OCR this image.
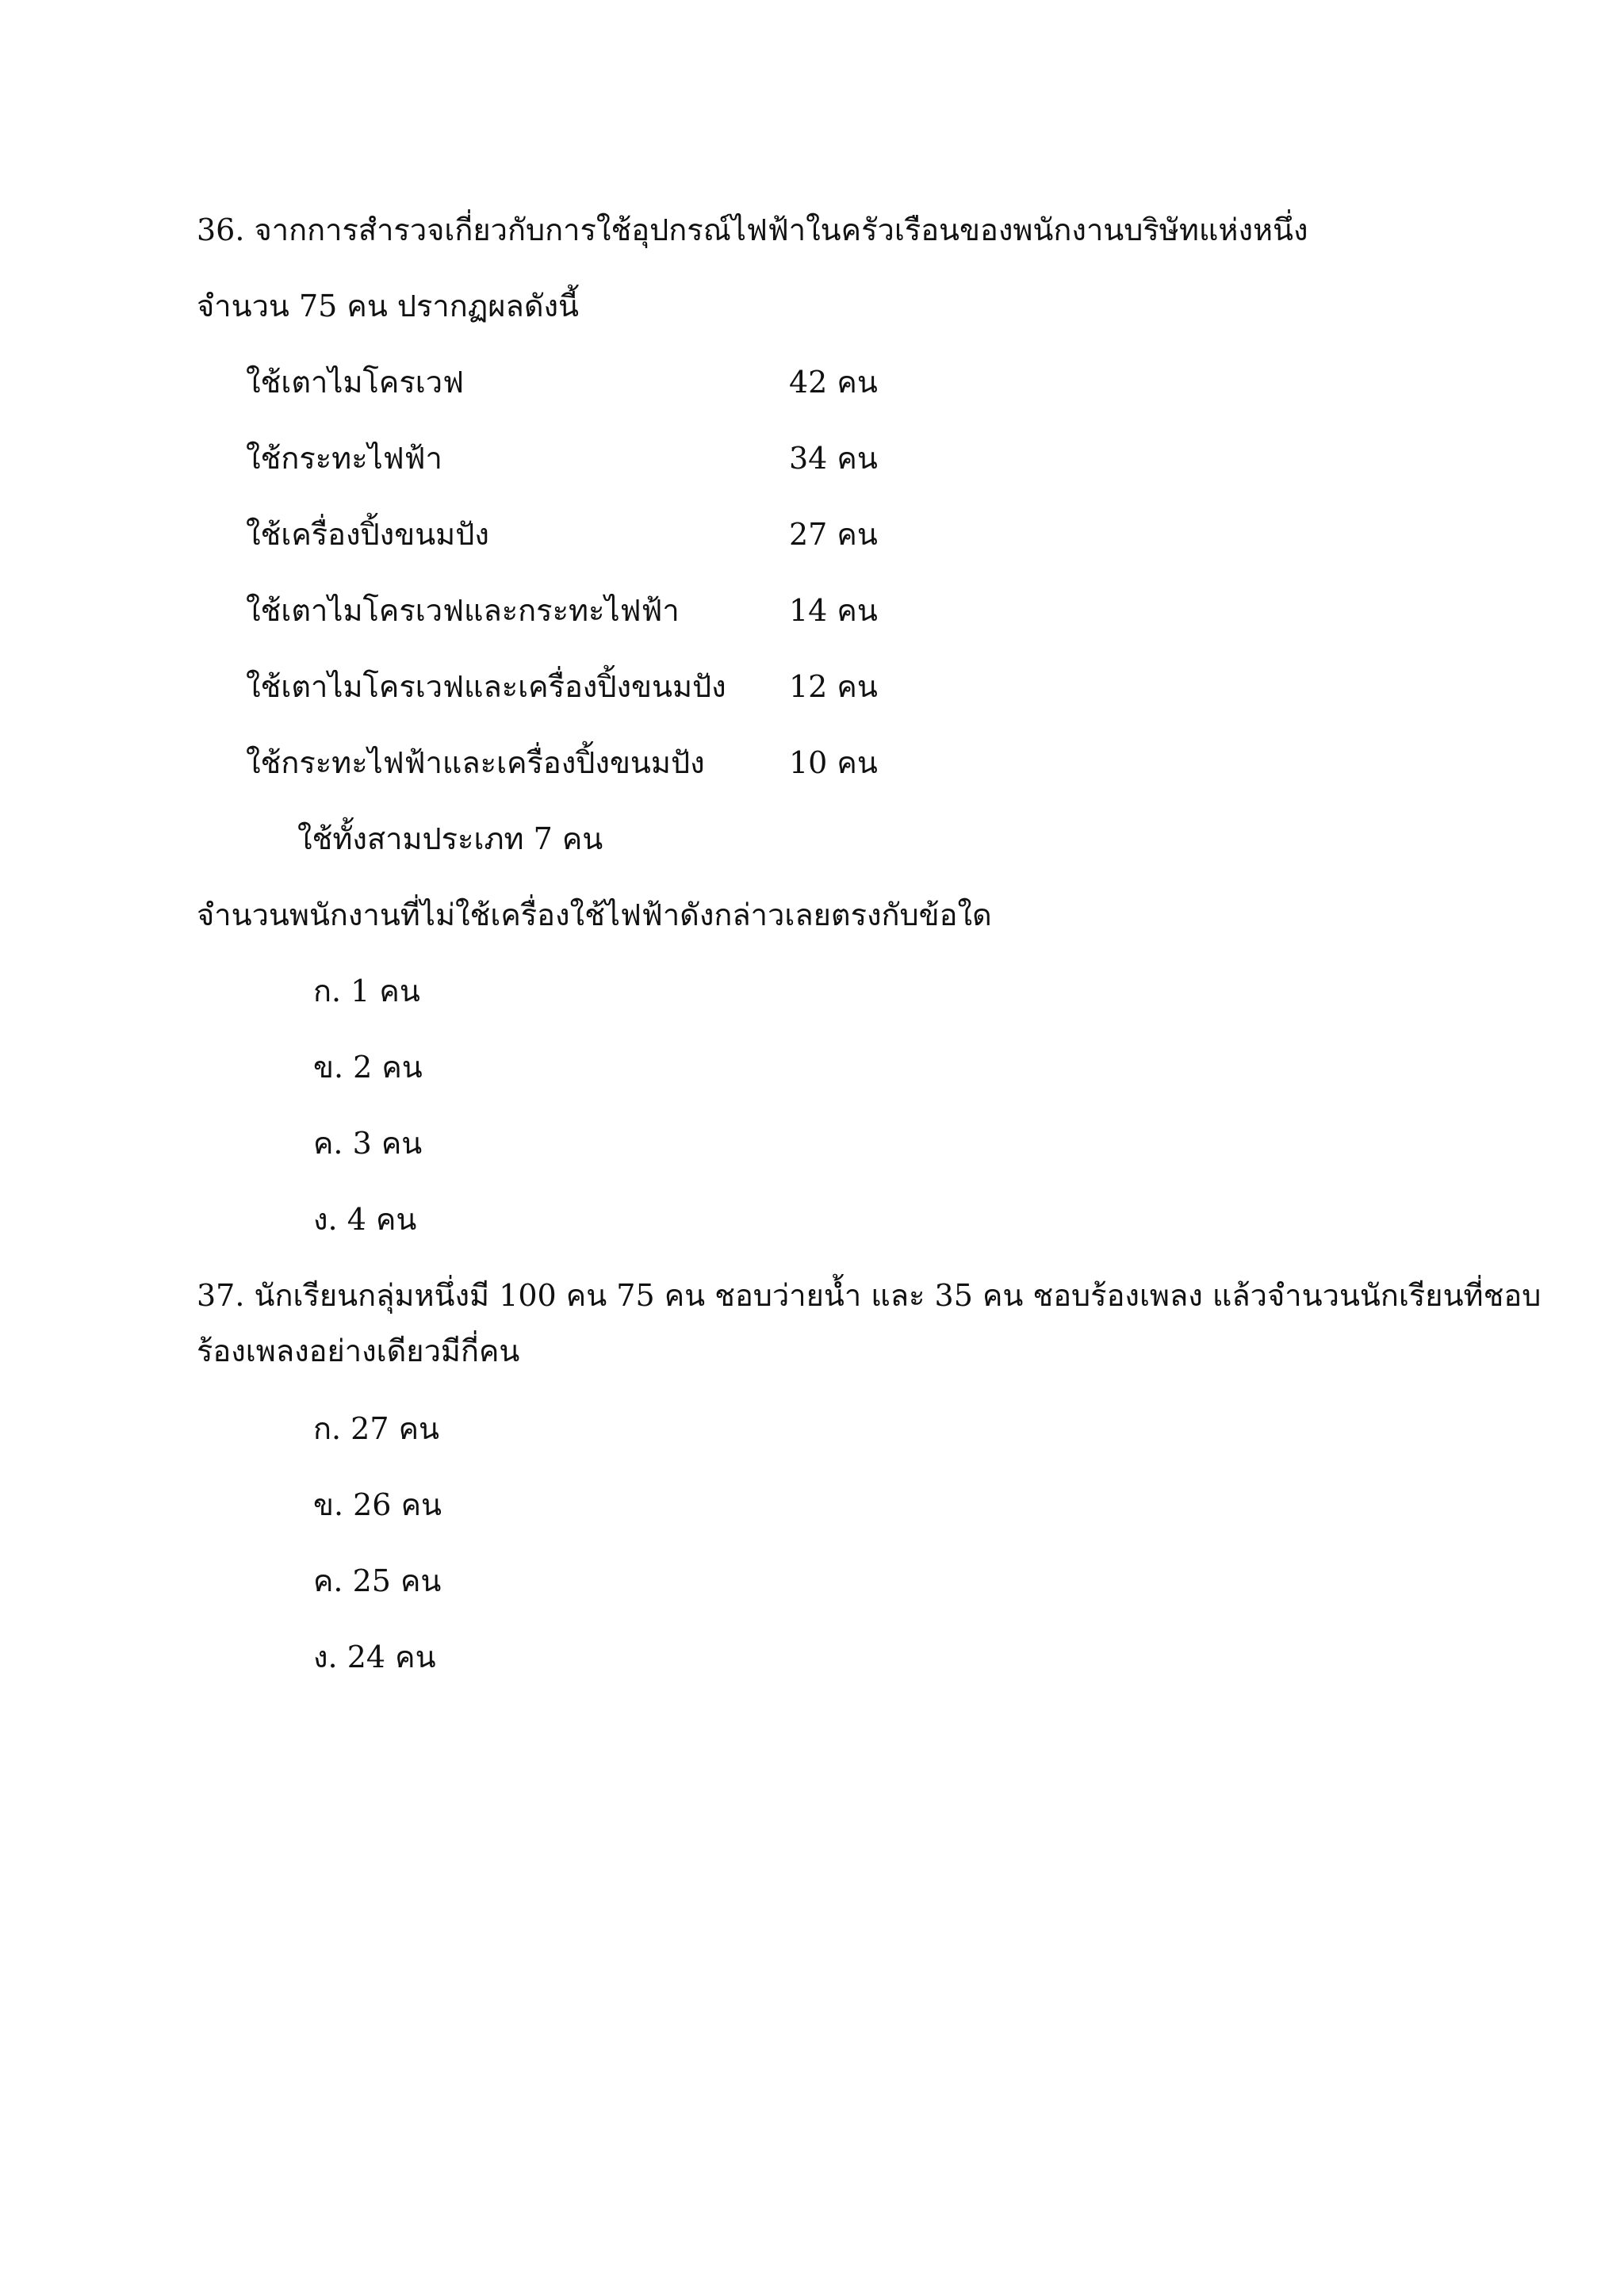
36. จากการสำรวจเกี่ยวกับการใช้อุปกรณ์ไฟฟ้าในครัวเรือนของพนักงานบริษัทแห่งหนึ่ง
จำนวน 75 คน ปรากฏผลดังนี้
ใช้เตาไมโครเวฟ	42 คน
ใช้กระทะไฟฟ้า	34 คน
ใช้เครื่องปิ้งขนมปัง	27 คน
ใช้เตาไมโครเวฟและกระทะไฟฟ้า	14 คน
ใช้เตาไมโครเวฟและเครื่องปิ้งขนมปัง 12 คน
ใช้กระทะไฟฟ้าและเครื่องปิ้งขนมปัง	10 คน
ใช้ทั้งสามประเภท 7 คน
จำนวนพนักงานที่ไม่ใช้เครื่องใช้ไฟฟ้าดังกล่าวเลยตรงกับข้อใด
ก. 1 คน
ข. 2 คน
ค. 3 คน
ง. 4 คน
37. นักเรียนกลุ่มหนึ่งมี 100 คน 75 คน ชอบว่ายน้ำ และ 35 คน ชอบร้องเพลง แล้วจำนวนนักเรียนที่ชอบ
ร้องเพลงอย่างเดียวมีกี่คน
ก. 27 คน
ข. 26 คน
ค. 25 คน
ง. 24 คน
